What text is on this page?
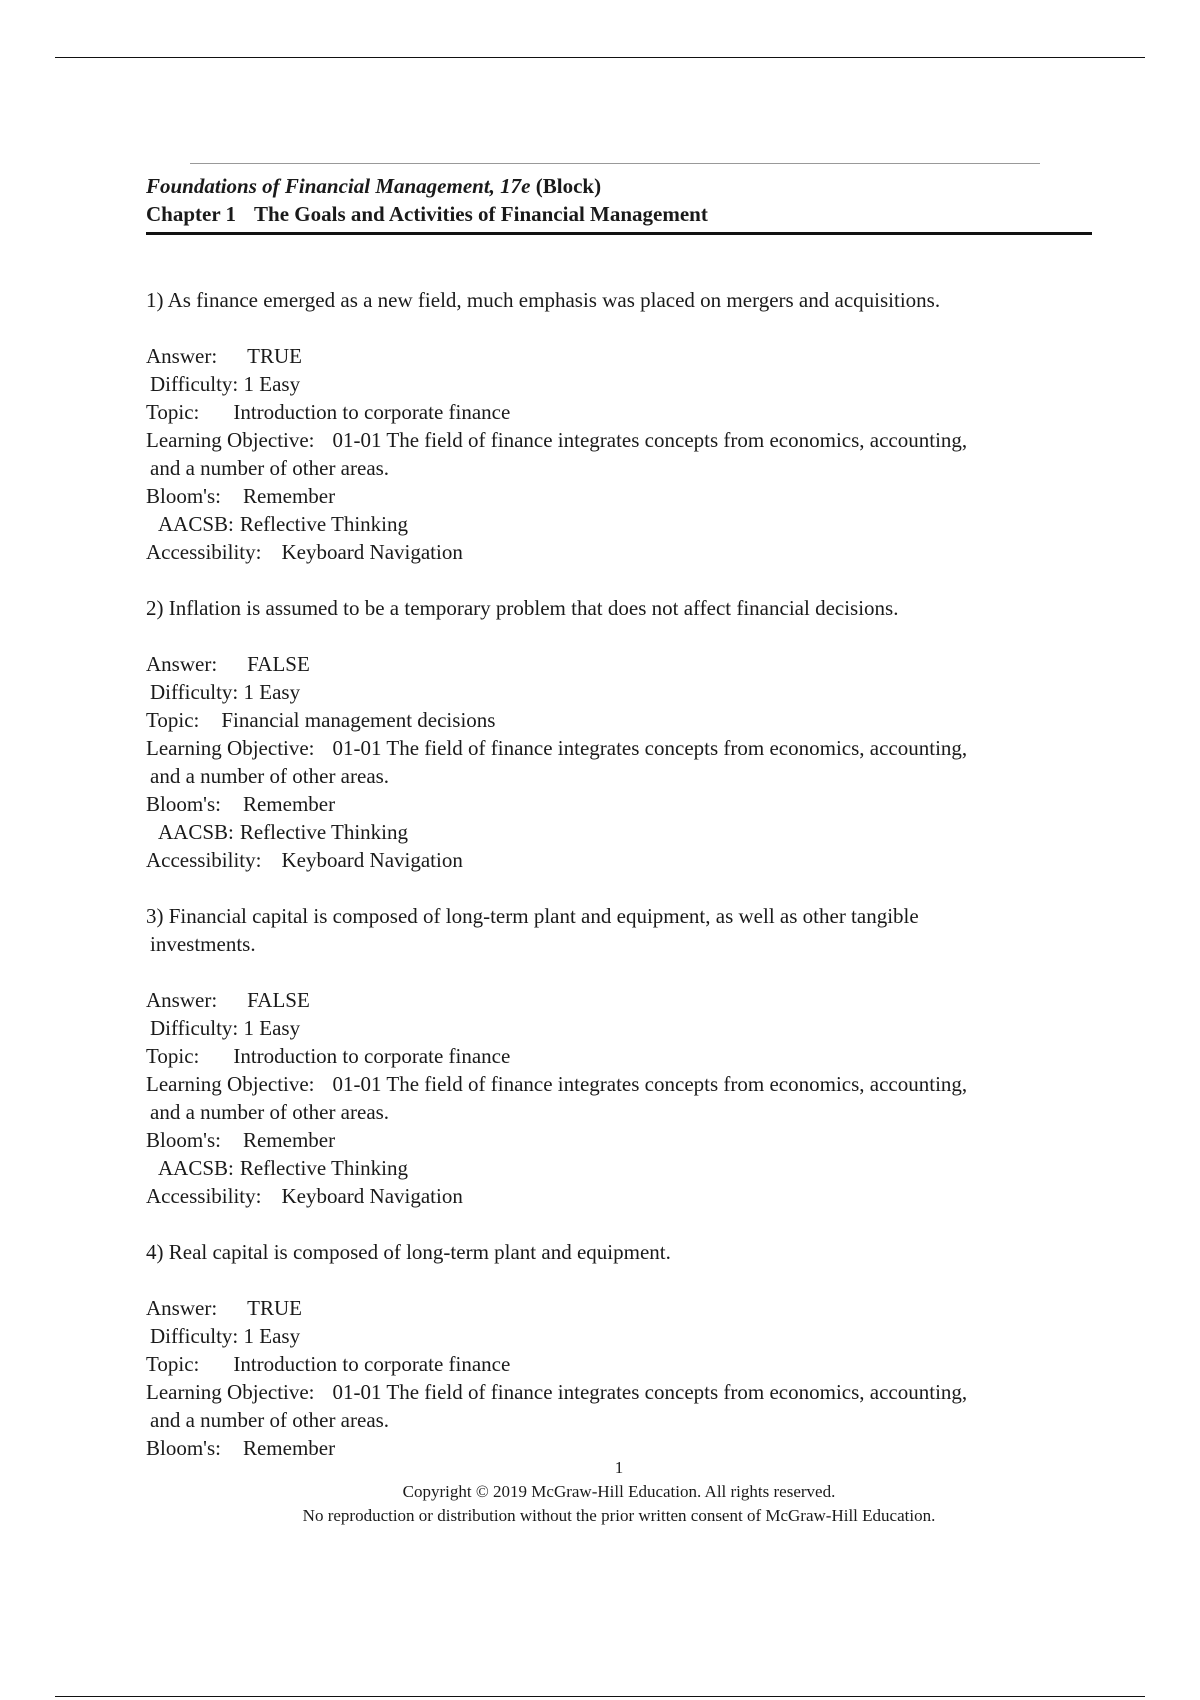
Foundations of Financial Management, 17e (Block)
Chapter 1 The Goals and Activities of Financial Management

1) As finance emerged as a new field, much emphasis was placed on mergers and acquisitions.

Answer: TRUE

Difficulty: 1 Easy

Topic: Introduction to corporate finance

Learning Objective: 01-01 The field of finance integrates concepts from economics, accounting,

and a number of other areas.

Bloom's: Remember

AACSB: Reflective Thinking

Accessibility: Keyboard Navigation

2) Inflation is assumed to be a temporary problem that does not affect financial decisions.

Answer: FALSE

Difficulty: 1 Easy

Topic: Financial management decisions

Learning Objective: 01-01 The field of finance integrates concepts from economics, accounting,

and a number of other areas.

Bloom's: Remember

AACSB: Reflective Thinking

Accessibility: Keyboard Navigation

3) Financial capital is composed of long-term plant and equipment, as well as other tangible
investments.

Answer: FALSE

Difficulty: 1 Easy

Topic: Introduction to corporate finance

Learning Objective: 01-01 The field of finance integrates concepts from economics, accounting,

and a number of other areas.

Bloom's: Remember

AACSB: Reflective Thinking

Accessibility: Keyboard Navigation

4) Real capital is composed of long-term plant and equipment.

Answer: TRUE

Difficulty: 1 Easy

Topic: Introduction to corporate finance

Learning Objective: 01-01 The field of finance integrates concepts from economics, accounting,

and a number of other areas.

Bloom's: Remember

1
Copyright © 2019 McGraw-Hill Education. All rights reserved.
No reproduction or distribution without the prior written consent of McGraw-Hill Education.
